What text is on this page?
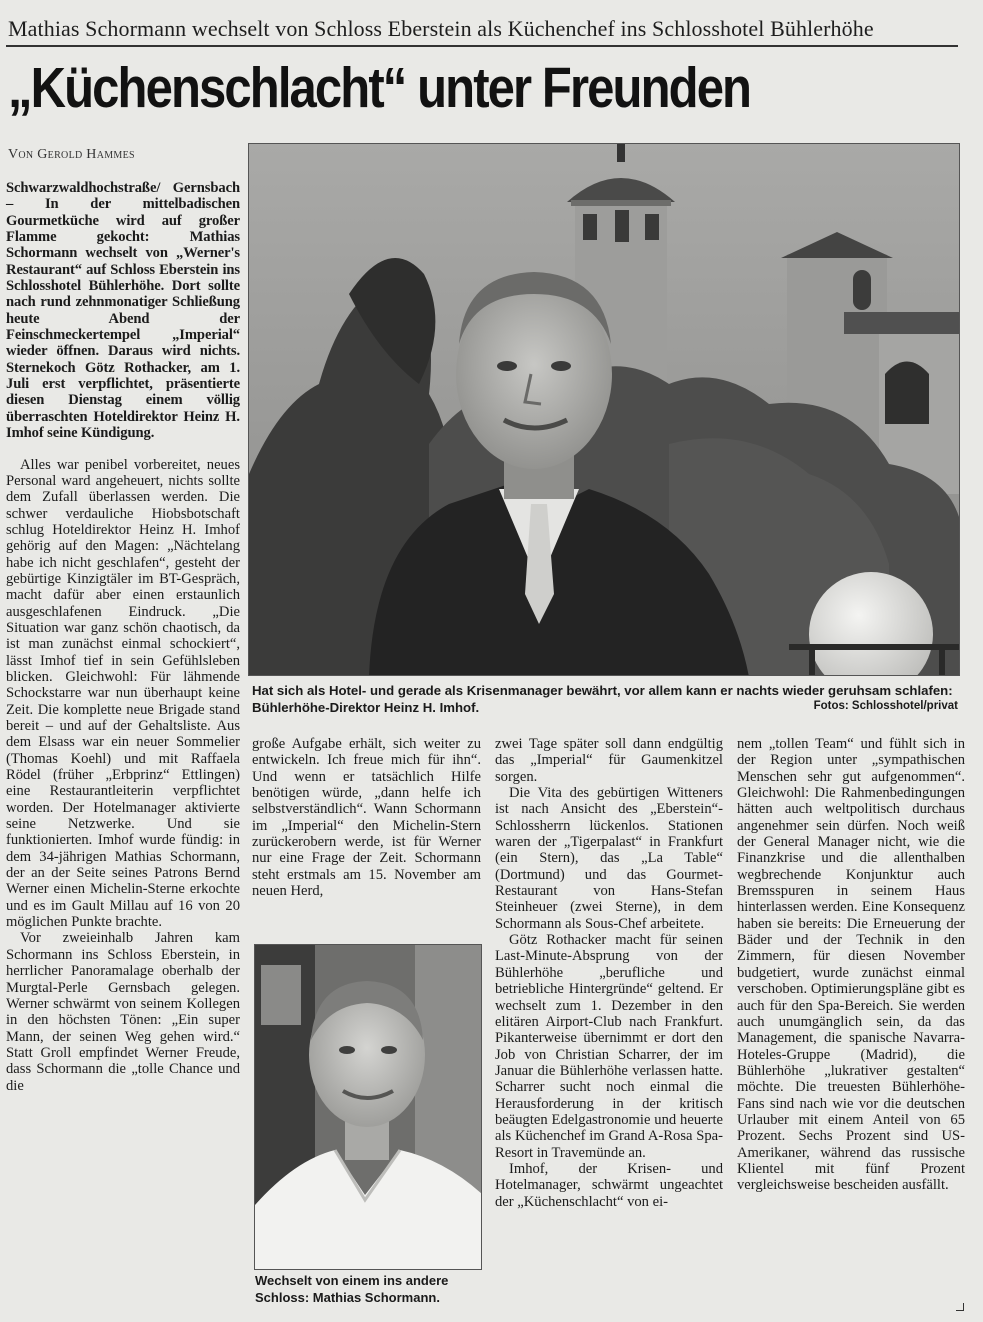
Mathias Schormann wechselt von Schloss Eberstein als Küchenchef ins Schlosshotel Bühlerhöhe
„Küchenschlacht“ unter Freunden
Von Gerold Hammes

Schwarzwaldhochstraße/ Gernsbach – In der mittelbadischen Gourmetküche wird auf großer Flamme gekocht: Mathias Schormann wechselt von „Werner's Restaurant“ auf Schloss Eberstein ins Schlosshotel Bühlerhöhe. Dort sollte nach rund zehnmonatiger Schließung heute Abend der Feinschmeckertempel „Imperial“ wieder öffnen. Daraus wird nichts. Sternekoch Götz Rothacker, am 1. Juli erst verpflichtet, präsentierte diesen Dienstag einem völlig überraschten Hoteldirektor Heinz H. Imhof seine Kündigung.

Alles war penibel vorbereitet, neues Personal ward angeheuert, nichts sollte dem Zufall überlassen werden. Die schwer verdauliche Hiobsbotschaft schlug Hoteldirektor Heinz H. Imhof gehörig auf den Magen: „Nächtelang habe ich nicht geschlafen“, gesteht der gebürtige Kinzigtäler im BT-Gespräch, macht dafür aber einen erstaunlich ausgeschlafenen Eindruck. „Die Situation war ganz schön chaotisch, da ist man zunächst einmal schockiert“, lässt Imhof tief in sein Gefühlsleben blicken. Gleichwohl: Für lähmende Schockstarre war nun überhaupt keine Zeit. Die komplette neue Brigade stand bereit – und auf der Gehaltsliste. Aus dem Elsass war ein neuer Sommelier (Thomas Koehl) und mit Raffaela Rödel (früher „Erbprinz“ Ettlingen) eine Restaurantleiterin verpflichtet worden. Der Hotelmanager aktivierte seine Netzwerke. Und sie funktionierten. Imhof wurde fündig: in dem 34-jährigen Mathias Schormann, der an der Seite seines Patrons Bernd Werner einen Michelin-Sterne erkochte und es im Gault Millau auf 16 von 20 möglichen Punkte brachte.

Vor zweieinhalb Jahren kam Schormann ins Schloss Eberstein, in herrlicher Panoramalage oberhalb der Murgtal-Perle Gernsbach gelegen. Werner schwärmt von seinem Kollegen in den höchsten Tönen: „Ein super Mann, der seinen Weg gehen wird.“ Statt Groll empfindet Werner Freude, dass Schormann die „tolle Chance und die

Hat sich als Hotel- und gerade als Krisenmanager bewährt, vor allem kann er nachts wieder geruhsam schlafen: Bühlerhöhe-Direktor Heinz H. Imhof.	Fotos: Schlosshotel/privat

große Aufgabe erhält, sich weiter zu entwickeln. Ich freue mich für ihn“. Und wenn er tatsächlich Hilfe benötigen würde, „dann helfe ich selbstverständlich“. Wann Schormann im „Imperial“ den Michelin-Stern zurückerobern werde, ist für Werner nur eine Frage der Zeit. Schormann steht erstmals am 15. November am neuen Herd,

Wechselt von einem ins andere Schloss: Mathias Schormann.

zwei Tage später soll dann endgültig das „Imperial“ für Gaumenkitzel sorgen.

Die Vita des gebürtigen Witteners ist nach Ansicht des „Eberstein“-Schlossherrn lückenlos. Stationen waren der „Tigerpalast“ in Frankfurt (ein Stern), das „La Table“ (Dortmund) und das Gourmet-Restaurant von Hans-Stefan Steinheuer (zwei Sterne), in dem Schormann als Sous-Chef arbeitete.

Götz Rothacker macht für seinen Last-Minute-Absprung von der Bühlerhöhe „berufliche und betriebliche Hintergründe“ geltend. Er wechselt zum 1. Dezember in den elitären Airport-Club nach Frankfurt. Pikanterweise übernimmt er dort den Job von Christian Scharrer, der im Januar die Bühlerhöhe verlassen hatte. Scharrer sucht noch einmal die Herausforderung in der kritisch beäugten Edelgastronomie und heuerte als Küchenchef im Grand A-Rosa Spa-Resort in Travemünde an.

Imhof, der Krisen- und Hotelmanager, schwärmt ungeachtet der „Küchenschlacht“ von ei-

nem „tollen Team“ und fühlt sich in der Region unter „sympathischen Menschen sehr gut aufgenommen“. Gleichwohl: Die Rahmenbedingungen hätten auch weltpolitisch durchaus angenehmer sein dürfen. Noch weiß der General Manager nicht, wie die Finanzkrise und die allenthalben wegbrechende Konjunktur auch Bremsspuren in seinem Haus hinterlassen werden. Eine Konsequenz haben sie bereits: Die Erneuerung der Bäder und der Technik in den Zimmern, für diesen November budgetiert, wurde zunächst einmal verschoben. Optimierungspläne gibt es auch für den Spa-Bereich. Sie werden auch unumgänglich sein, da das Management, die spanische Navarra-Hoteles-Gruppe (Madrid), die Bühlerhöhe „lukrativer gestalten“ möchte. Die treuesten Bühlerhöhe-Fans sind nach wie vor die deutschen Urlauber mit einem Anteil von 65 Prozent. Sechs Prozent sind US-Amerikaner, während das russische Klientel mit fünf Prozent vergleichsweise bescheiden ausfällt.
